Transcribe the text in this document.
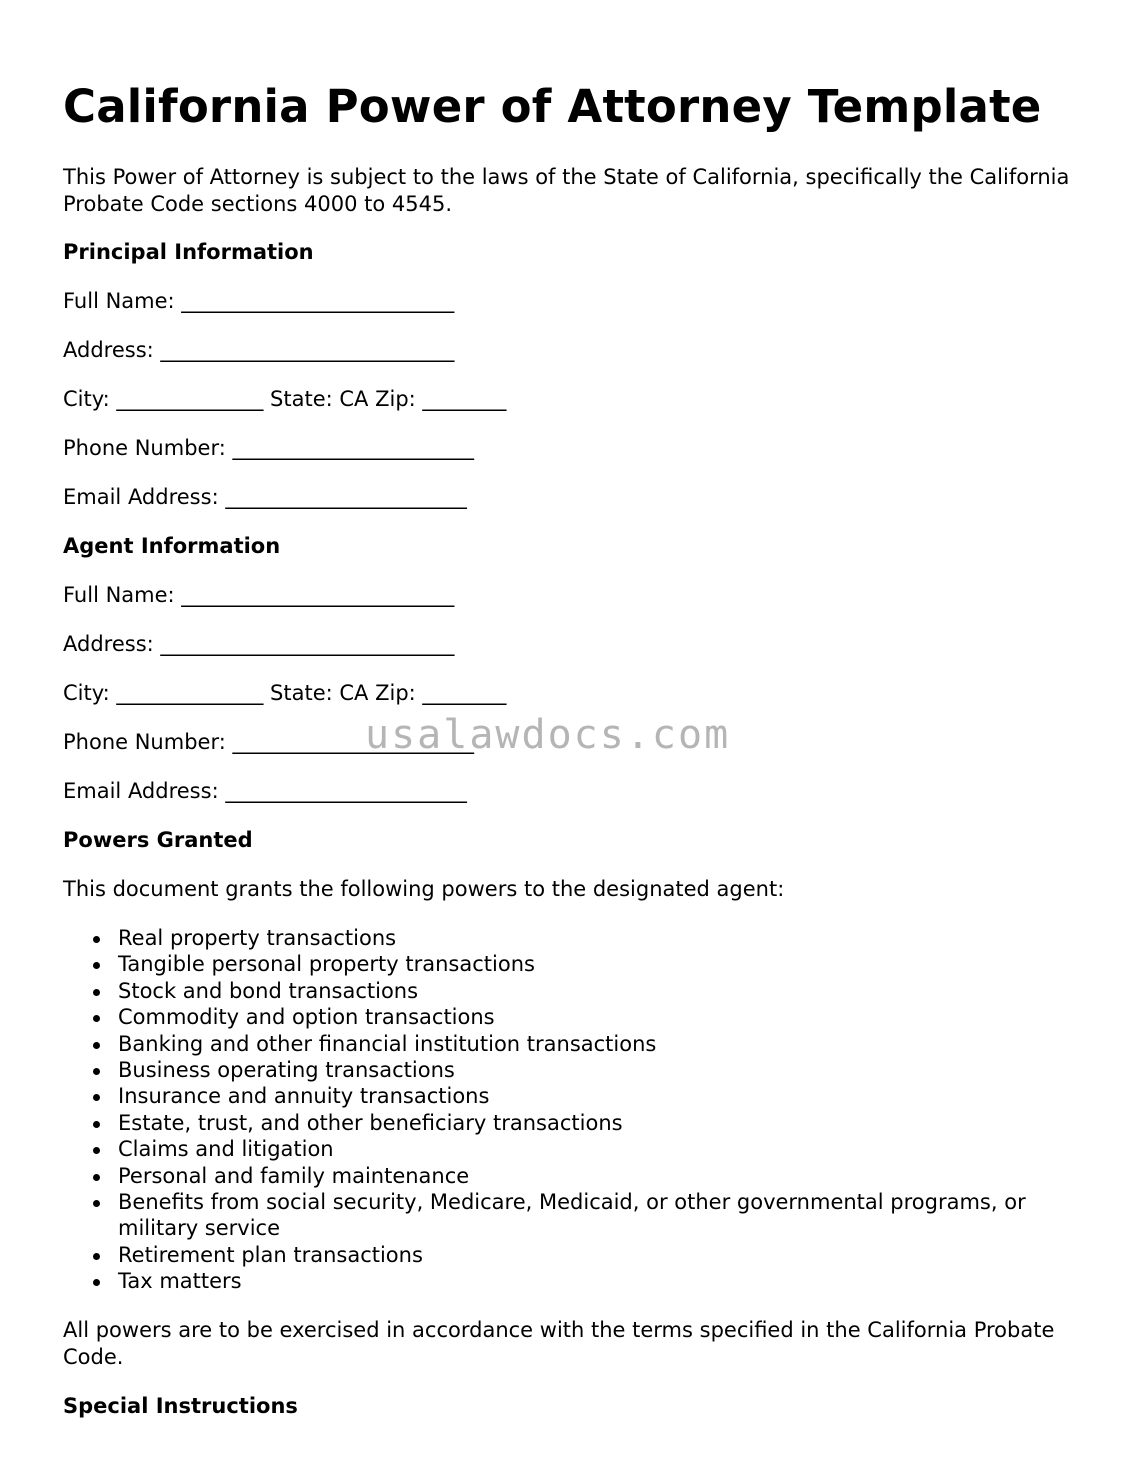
California Power of Attorney Template

This Power of Attorney is subject to the laws of the State of California, specifically the California Probate Code sections 4000 to 4545.

Principal Information

Full Name: __________________________

Address: ____________________________

City: ______________ State: CA Zip: ________

Phone Number: _______________________

Email Address: _______________________

Agent Information

Full Name: __________________________

Address: ____________________________

City: ______________ State: CA Zip: ________

Phone Number: _______________________

Email Address: _______________________

Powers Granted

This document grants the following powers to the designated agent:

Real property transactions
Tangible personal property transactions
Stock and bond transactions
Commodity and option transactions
Banking and other financial institution transactions
Business operating transactions
Insurance and annuity transactions
Estate, trust, and other beneficiary transactions
Claims and litigation
Personal and family maintenance
Benefits from social security, Medicare, Medicaid, or other governmental programs, or military service
Retirement plan transactions
Tax matters

All powers are to be exercised in accordance with the terms specified in the California Probate Code.

Special Instructions
usalawdocs.com
